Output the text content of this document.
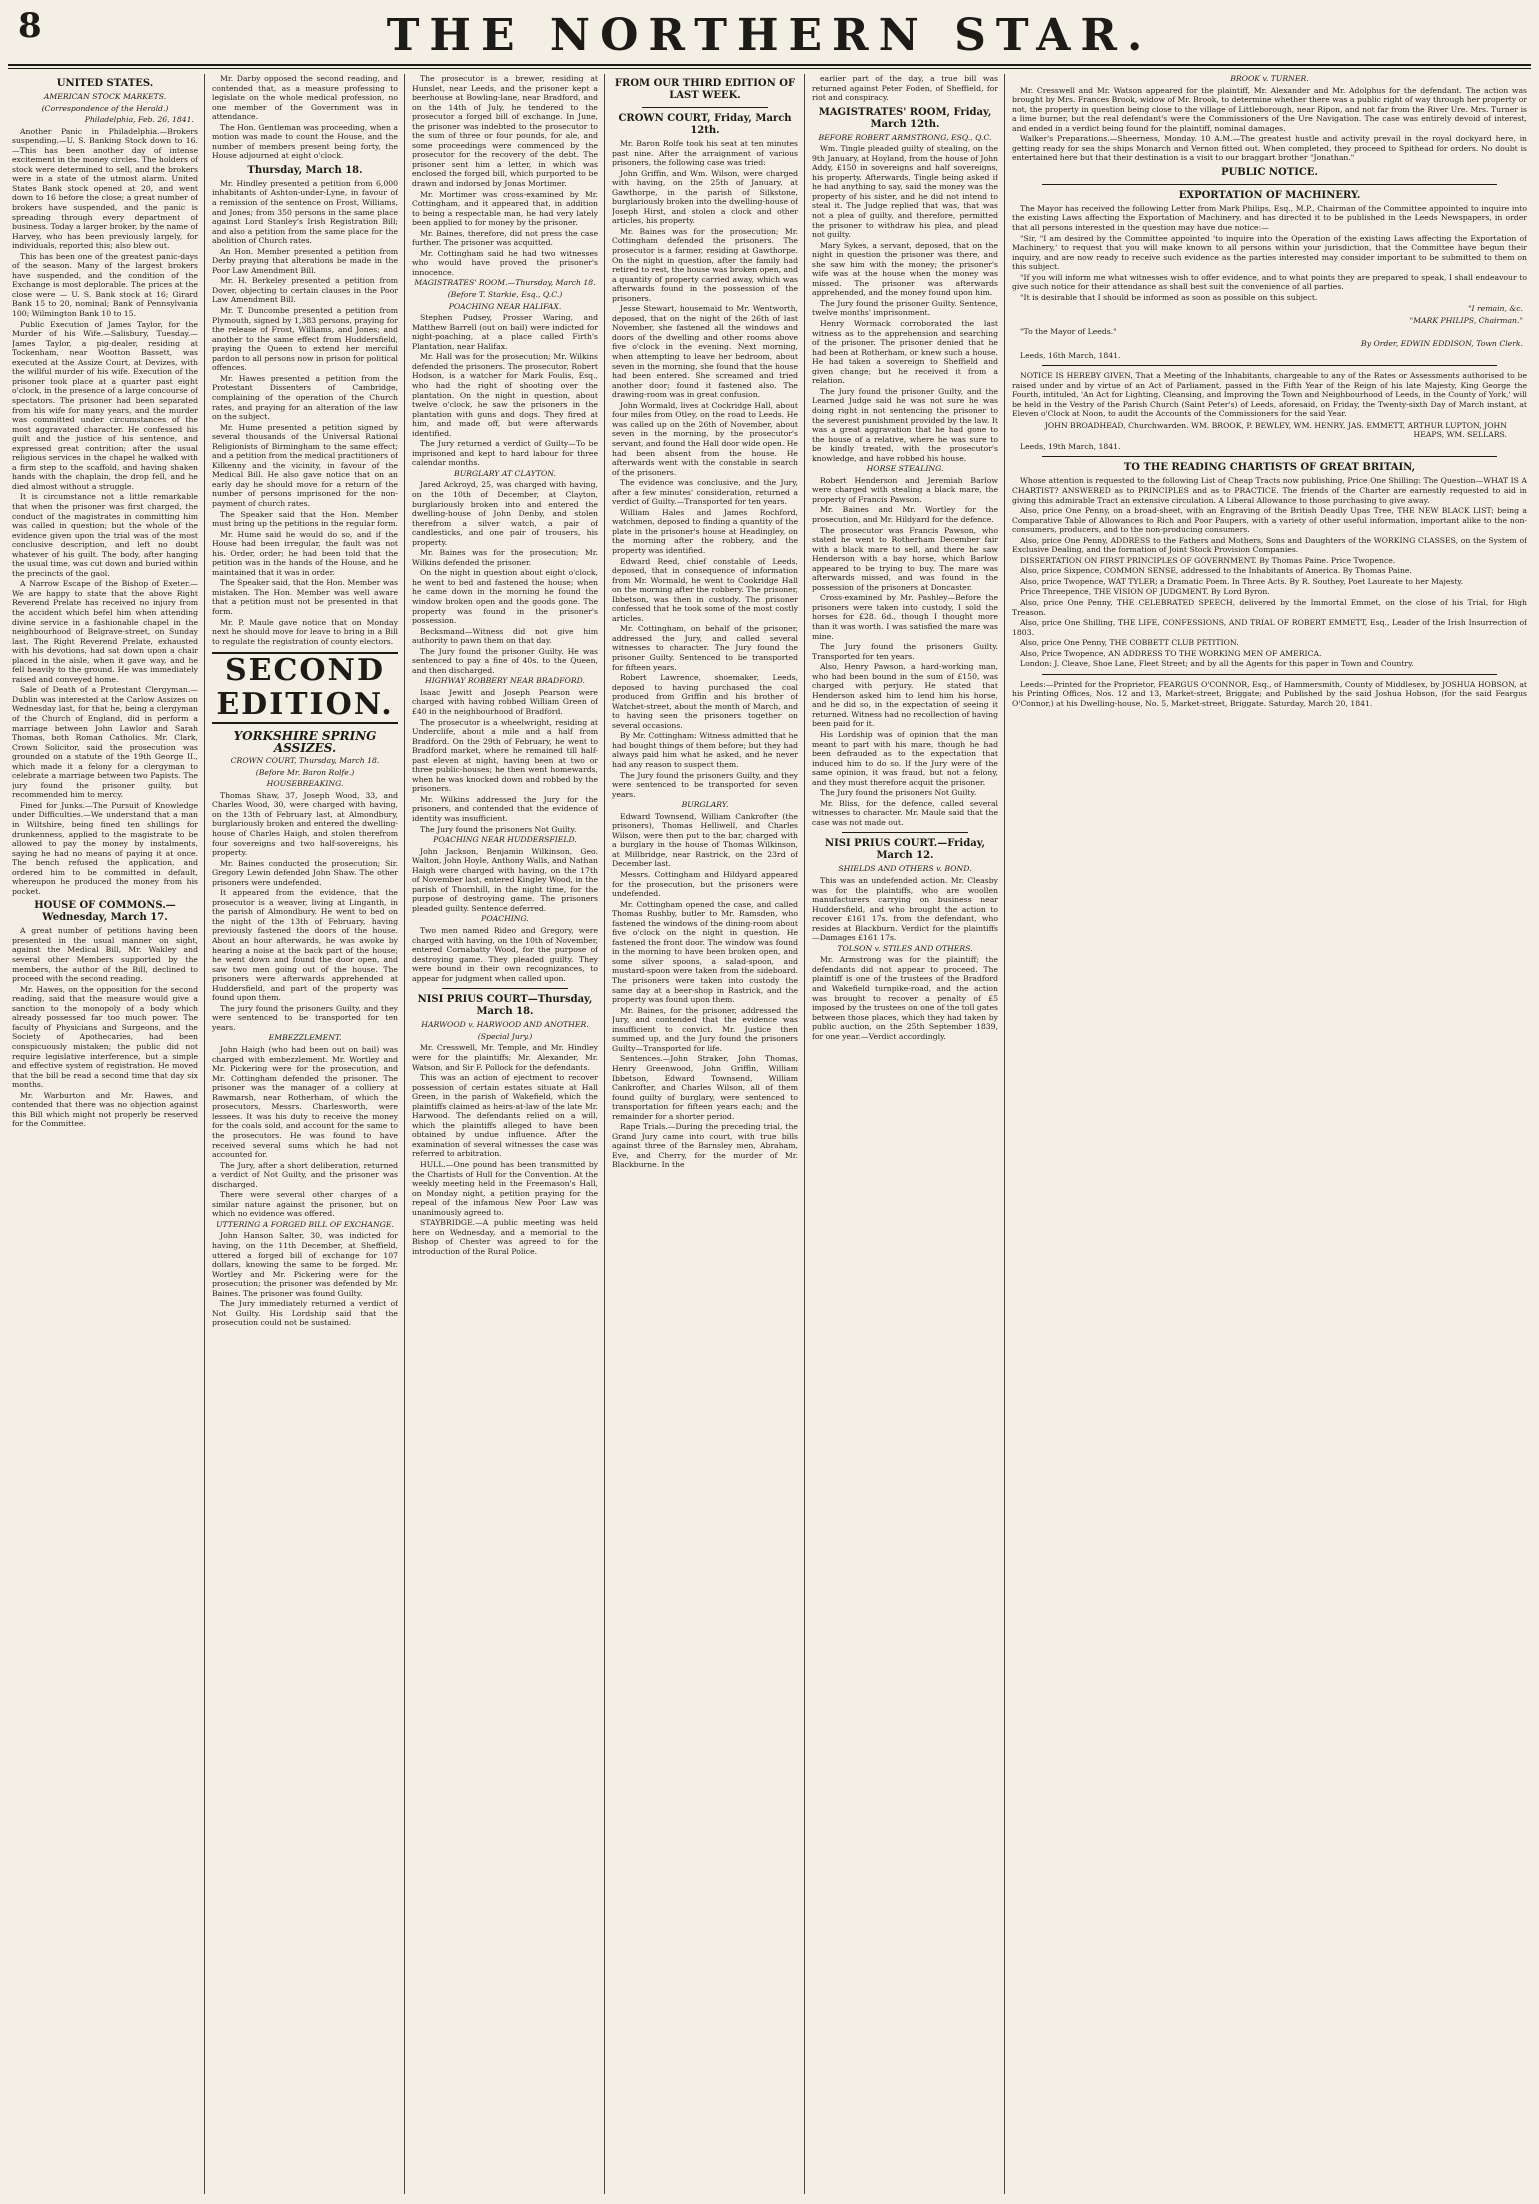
8	THE NORTHERN STAR.
UNITED STATES.
AMERICAN STOCK MARKETS.
(Correspondence of the Herald.)
Philadelphia, Feb. 26, 1841.
Another Panic in Philadelphia.—Brokers suspending.—U. S. Banking Stock down to 16.—This has been another day of intense excitement in the money circles. The holders of stock were determined to sell, and the brokers were in a state of the utmost alarm. United States Bank stock opened at 20, and went down to 16 before the close; a great number of brokers have suspended, and the panic is spreading through every department of business. Today a larger broker, by the name of Harvey, who has been previously largely, for individuals, reported this; also blew out.
This has been one of the greatest panic-days of the season. Many of the largest brokers have suspended, and the condition of the Exchange is most deplorable. The prices at the close were — U. S. Bank stock at 16; Girard Bank 15 to 20, nominal; Bank of Pennsylvania 100; Wilmington Bank 10 to 15.
Public Execution of James Taylor, for the Murder of his Wife.—Salisbury, Tuesday.—James Taylor, a pig-dealer, residing at Tockenham, near Wootton Bassett, was executed at the Assize Court, at Devizes, with the willful murder of his wife. Execution of the prisoner took place at a quarter past eight o'clock, in the presence of a large concourse of spectators. The prisoner had been separated from his wife for many years, and the murder was committed under circumstances of the most aggravated character. He confessed his guilt and the justice of his sentence, and expressed great contrition; after the usual religious services in the chapel he walked with a firm step to the scaffold, and having shaken hands with the chaplain, the drop fell, and he died almost without a struggle.
It is circumstance not a little remarkable that when the prisoner was first charged, the conduct of the magistrates in committing him was called in question; but the whole of the evidence given upon the trial was of the most conclusive description, and left no doubt whatever of his guilt. The body, after hanging the usual time, was cut down and buried within the precincts of the gaol.
A Narrow Escape of the Bishop of Exeter.—We are happy to state that the above Right Reverend Prelate has received no injury from the accident which befel him when attending divine service in a fashionable chapel in the neighbourhood of Belgrave-street, on Sunday last. The Right Reverend Prelate, exhausted with his devotions, had sat down upon a chair placed in the aisle, when it gave way, and he fell heavily to the ground. He was immediately raised and conveyed home.
Sale of Death of a Protestant Clergyman.—Dublin was interested at the Carlow Assizes on Wednesday last, for that he, being a clergyman of the Church of England, did in perform a marriage between John Lawlor and Sarah Thomas, both Roman Catholics. Mr. Clark, Crown Solicitor, said the prosecution was grounded on a statute of the 19th George II., which made it a felony for a clergyman to celebrate a marriage between two Papists. The jury found the prisoner guilty, but recommended him to mercy.
Fined for Junks.—The Pursuit of Knowledge under Difficulties.—We understand that a man in Wiltshire, being fined ten shillings for drunkenness, applied to the magistrate to be allowed to pay the money by instalments, saying he had no means of paying it at once. The bench refused the application, and ordered him to be committed in default, whereupon he produced the money from his pocket.
HOUSE OF COMMONS.—Wednesday, March 17.
A great number of petitions having been presented in the usual manner on sight, against the Medical Bill, Mr. Wakley and several other Members supported by the members, the author of the Bill, declined to proceed with the second reading.
Mr. Hawes, on the opposition for the second reading, said that the measure would give a sanction to the monopoly of a body which already possessed far too much power. The faculty of Physicians and Surgeons, and the Society of Apothecaries, had been conspicuously mistaken; the public did not require legislative interference, but a simple and effective system of registration. He moved that the bill be read a second time that day six months.
Mr. Warburton and Mr. Hawes, and contended that there was no objection against this Bill which might not properly be reserved for the Committee.
Mr. Darby opposed the second reading, and contended that, as a measure professing to legislate on the whole medical profession, no one member of the Government was in attendance.
The Hon. Gentleman was proceeding, when a motion was made to count the House, and the number of members present being forty, the House adjourned at eight o'clock.
Thursday, March 18.
Mr. Hindley presented a petition from 6,000 inhabitants of Ashton-under-Lyne, in favour of a remission of the sentence on Frost, Williams, and Jones; from 350 persons in the same place against Lord Stanley's Irish Registration Bill; and also a petition from the same place for the abolition of Church rates.
An Hon. Member presented a petition from Derby praying that alterations be made in the Poor Law Amendment Bill.
Mr. H. Berkeley presented a petition from Dover, objecting to certain clauses in the Poor Law Amendment Bill.
Mr. T. Duncombe presented a petition from Plymouth, signed by 1,383 persons, praying for the release of Frost, Williams, and Jones; and another to the same effect from Huddersfield, praying the Queen to extend her merciful pardon to all persons now in prison for political offences.
Mr. Hawes presented a petition from the Protestant Dissenters of Cambridge, complaining of the operation of the Church rates, and praying for an alteration of the law on the subject.
Mr. Hume presented a petition signed by several thousands of the Universal Rational Religionists of Birmingham to the same effect; and a petition from the medical practitioners of Kilkenny and the vicinity, in favour of the Medical Bill. He also gave notice that on an early day he should move for a return of the number of persons imprisoned for the non-payment of church rates.
The Speaker said that the Hon. Member must bring up the petitions in the regular form.
Mr. Hume said he would do so, and if the House had been irregular, the fault was not his. Order, order; he had been told that the petition was in the hands of the House, and he maintained that it was in order.
The Speaker said, that the Hon. Member was mistaken. The Hon. Member was well aware that a petition must not be presented in that form.
Mr. P. Maule gave notice that on Monday next he should move for leave to bring in a Bill to regulate the registration of county electors.
SECOND EDITION.
YORKSHIRE SPRING ASSIZES.
CROWN COURT, Thursday, March 18.
(Before Mr. Baron Rolfe.)
HOUSEBREAKING.
Thomas Shaw, 37, Joseph Wood, 33, and Charles Wood, 30, were charged with having, on the 13th of February last, at Almondbury, burglariously broken and entered the dwelling-house of Charles Haigh, and stolen therefrom four sovereigns and two half-sovereigns, his property.
Mr. Baines conducted the prosecution; Sir. Gregory Lewin defended John Shaw. The other prisoners were undefended.
It appeared from the evidence, that the prosecutor is a weaver, living at Linganth, in the parish of Almondbury. He went to bed on the night of the 13th of February, having previously fastened the doors of the house. About an hour afterwards, he was awoke by hearing a noise at the back part of the house; he went down and found the door open, and saw two men going out of the house. The prisoners were afterwards apprehended at Huddersfield, and part of the property was found upon them.
The jury found the prisoners Guilty, and they were sentenced to be transported for ten years.
EMBEZZLEMENT.
John Haigh (who had been out on bail) was charged with embezzlement. Mr. Wortley and Mr. Pickering were for the prosecution, and Mr. Cottingham defended the prisoner. The prisoner was the manager of a colliery at Rawmarsh, near Rotherham, of which the prosecutors, Messrs. Charlesworth, were lessees. It was his duty to receive the money for the coals sold, and account for the same to the prosecutors. He was found to have received several sums which he had not accounted for.
The Jury, after a short deliberation, returned a verdict of Not Guilty, and the prisoner was discharged.
There were several other charges of a similar nature against the prisoner, but on which no evidence was offered.
UTTERING A FORGED BILL OF EXCHANGE.
John Hanson Salter, 30, was indicted for having, on the 11th December, at Sheffield, uttered a forged bill of exchange for 107 dollars, knowing the same to be forged. Mr. Wortley and Mr. Pickering were for the prosecution; the prisoner was defended by Mr. Baines. The prisoner was found Guilty.
The Jury immediately returned a verdict of Not Guilty. His Lordship said that the prosecution could not be sustained.
The prosecutor is a brewer, residing at Hunslet, near Leeds, and the prisoner kept a beerhouse at Bowling-lane, near Bradford, and on the 14th of July, he tendered to the prosecutor a forged bill of exchange. In June, the prisoner was indebted to the prosecutor to the sum of three or four pounds, for ale, and some proceedings were commenced by the prosecutor for the recovery of the debt. The prisoner sent him a letter, in which was enclosed the forged bill, which purported to be drawn and indorsed by Jonas Mortimer.
Mr. Mortimer was cross-examined by Mr. Cottingham, and it appeared that, in addition to being a respectable man, he had very lately been applied to for money by the prisoner.
Mr. Baines, therefore, did not press the case further. The prisoner was acquitted.
Mr. Cottingham said he had two witnesses who would have proved the prisoner's innocence.
MAGISTRATES' ROOM.—Thursday, March 18.
(Before T. Starkie, Esq., Q.C.)
POACHING NEAR HALIFAX.
Stephen Pudsey, Prosser Waring, and Matthew Barrell (out on bail) were indicted for night-poaching, at a place called Firth's Plantation, near Halifax.
Mr. Hall was for the prosecution; Mr. Wilkins defended the prisoners. The prosecutor, Robert Hodson, is a watcher for Mark Foulis, Esq., who had the right of shooting over the plantation. On the night in question, about twelve o'clock, he saw the prisoners in the plantation with guns and dogs. They fired at him, and made off, but were afterwards identified.
The Jury returned a verdict of Guilty—To be imprisoned and kept to hard labour for three calendar months.
BURGLARY AT CLAYTON.
Jared Ackroyd, 25, was charged with having, on the 10th of December, at Clayton, burglariously broken into and entered the dwelling-house of John Denby, and stolen therefrom a silver watch, a pair of candlesticks, and one pair of trousers, his property.
Mr. Baines was for the prosecution; Mr. Wilkins defended the prisoner.
On the night in question about eight o'clock, he went to bed and fastened the house; when he came down in the morning he found the window broken open and the goods gone. The property was found in the prisoner's possession.
Becksmand—Witness did not give him authority to pawn them on that day.
The Jury found the prisoner Guilty. He was sentenced to pay a fine of 40s. to the Queen, and then discharged.
HIGHWAY ROBBERY NEAR BRADFORD.
Isaac Jewitt and Joseph Pearson were charged with having robbed William Green of £40 in the neighbourhood of Bradford.
The prosecutor is a wheelwright, residing at Underclife, about a mile and a half from Bradford. On the 29th of February, he went to Bradford market, where he remained till half-past eleven at night, having been at two or three public-houses; he then went homewards, when he was knocked down and robbed by the prisoners.
Mr. Wilkins addressed the Jury for the prisoners, and contended that the evidence of identity was insufficient.
The Jury found the prisoners Not Guilty.
POACHING NEAR HUDDERSFIELD.
John Jackson, Benjamin Wilkinson, Geo. Walton, John Hoyle, Anthony Walls, and Nathan Haigh were charged with having, on the 17th of November last, entered Kingley Wood, in the parish of Thornhill, in the night time, for the purpose of destroying game. The prisoners pleaded guilty. Sentence deferred.
POACHING.
Two men named Rideo and Gregory, were charged with having, on the 10th of November, entered Cornabatty Wood, for the purpose of destroying game. They pleaded guilty. They were bound in their own recognizances, to appear for judgment when called upon.
NISI PRIUS COURT—Thursday, March 18.
HARWOOD v. HARWOOD AND ANOTHER.
(Special Jury.)
Mr. Cresswell, Mr. Temple, and Mr. Hindley were for the plaintiffs; Mr. Alexander, Mr. Watson, and Sir F. Pollock for the defendants.
This was an action of ejectment to recover possession of certain estates situate at Hall Green, in the parish of Wakefield, which the plaintiffs claimed as heirs-at-law of the late Mr. Harwood. The defendants relied on a will, which the plaintiffs alleged to have been obtained by undue influence. After the examination of several witnesses the case was referred to arbitration.
HULL.—One pound has been transmitted by the Chartists of Hull for the Convention. At the weekly meeting held in the Freemason's Hall, on Monday night, a petition praying for the repeal of the infamous New Poor Law was unanimously agreed to.
STAYBRIDGE.—A public meeting was held here on Wednesday, and a memorial to the Bishop of Chester was agreed to for the introduction of the Rural Police.
FROM OUR THIRD EDITION OF LAST WEEK.
CROWN COURT, Friday, March 12th.
Mr. Baron Rolfe took his seat at ten minutes past nine. After the arraignment of various prisoners, the following case was tried:
John Griffin, and Wm. Wilson, were charged with having, on the 25th of January, at Gawthorpe, in the parish of Silkstone, burglariously broken into the dwelling-house of Joseph Hirst, and stolen a clock and other articles, his property.
Mr. Baines was for the prosecution; Mr. Cottingham defended the prisoners. The prosecutor is a farmer, residing at Gawthorpe. On the night in question, after the family had retired to rest, the house was broken open, and a quantity of property carried away, which was afterwards found in the possession of the prisoners.
Jesse Stewart, housemaid to Mr. Wentworth, deposed, that on the night of the 26th of last November, she fastened all the windows and doors of the dwelling and other rooms above five o'clock in the evening. Next morning, when attempting to leave her bedroom, about seven in the morning, she found that the house had been entered. She screamed and tried another door; found it fastened also. The drawing-room was in great confusion.
John Wormald, lives at Cockridge Hall, about four miles from Otley, on the road to Leeds. He was called up on the 26th of November, about seven in the morning, by the prosecutor's servant, and found the Hall door wide open. He had been absent from the house. He afterwards went with the constable in search of the prisoners.
The evidence was conclusive, and the Jury, after a few minutes' consideration, returned a verdict of Guilty.—Transported for ten years.
William Hales and James Rochford, watchmen, deposed to finding a quantity of the plate in the prisoner's house at Headingley, on the morning after the robbery, and the property was identified.
Edward Reed, chief constable of Leeds, deposed, that in consequence of information from Mr. Wormald, he went to Cookridge Hall on the morning after the robbery. The prisoner, Ibbetson, was then in custody. The prisoner confessed that he took some of the most costly articles.
Mr. Cottingham, on behalf of the prisoner, addressed the Jury, and called several witnesses to character. The Jury found the prisoner Guilty. Sentenced to be transported for fifteen years.
Robert Lawrence, shoemaker, Leeds, deposed to having purchased the coal produced from Griffin and his brother of Watchet-street, about the month of March, and to having seen the prisoners together on several occasions.
By Mr. Cottingham: Witness admitted that he had bought things of them before; but they had always paid him what he asked, and he never had any reason to suspect them.
The Jury found the prisoners Guilty, and they were sentenced to be transported for seven years.
BURGLARY.
Edward Townsend, William Cankrofter (the prisoners), Thomas Helliwell, and Charles Wilson, were then put to the bar, charged with a burglary in the house of Thomas Wilkinson, at Millbridge, near Rastrick, on the 23rd of December last.
Messrs. Cottingham and Hildyard appeared for the prosecution, but the prisoners were undefended.
Mr. Cottingham opened the case, and called Thomas Rushby, butler to Mr. Ramsden, who fastened the windows of the dining-room about five o'clock on the night in question. He fastened the front door. The window was found in the morning to have been broken open, and some silver spoons, a salad-spoon, and mustard-spoon were taken from the sideboard. The prisoners were taken into custody the same day at a beer-shop in Rastrick, and the property was found upon them.
Mr. Baines, for the prisoner, addressed the Jury, and contended that the evidence was insufficient to convict. Mr. Justice then summed up, and the Jury found the prisoners Guilty—Transported for life.
Sentences.—John Straker, John Thomas, Henry Greenwood, John Griffin, William Ibbetson, Edward Townsend, William Cankrofter, and Charles Wilson, all of them found guilty of burglary, were sentenced to transportation for fifteen years each; and the remainder for a shorter period.
Rape Trials.—During the preceding trial, the Grand Jury came into court, with true bills against three of the Barnsley men, Abraham, Eve, and Cherry, for the murder of Mr. Blackburne. In the
earlier part of the day, a true bill was returned against Peter Foden, of Sheffield, for riot and conspiracy.
MAGISTRATES' ROOM, Friday, March 12th.
BEFORE ROBERT ARMSTRONG, ESQ., Q.C.
Wm. Tingle pleaded guilty of stealing, on the 9th January, at Hoyland, from the house of John Addy, £150 in sovereigns and half sovereigns, his property. Afterwards, Tingle being asked if he had anything to say, said the money was the property of his sister, and he did not intend to steal it. The Judge replied that was, that was not a plea of guilty, and therefore, permitted the prisoner to withdraw his plea, and plead not guilty.
Mary Sykes, a servant, deposed, that on the night in question the prisoner was there, and she saw him with the money; the prisoner's wife was at the house when the money was missed. The prisoner was afterwards apprehended, and the money found upon him.
The Jury found the prisoner Guilty. Sentence, twelve months' imprisonment.
Henry Wormack corroborated the last witness as to the apprehension and searching of the prisoner. The prisoner denied that he had been at Rotherham, or knew such a house. He had taken a sovereign to Sheffield and given change; but he received it from a relation.
The Jury found the prisoner Guilty, and the Learned Judge said he was not sure he was doing right in not sentencing the prisoner to the severest punishment provided by the law. It was a great aggravation that he had gone to the house of a relative, where he was sure to be kindly treated, with the prosecutor's knowledge, and have robbed his house.
HORSE STEALING.
Robert Henderson and Jeremiah Barlow were charged with stealing a black mare, the property of Francis Pawson.
Mr. Baines and Mr. Wortley for the prosecution, and Mr. Hildyard for the defence.
The prosecutor was Francis Pawson, who stated he went to Rotherham December fair with a black mare to sell, and there he saw Henderson with a bay horse, which Barlow appeared to be trying to buy. The mare was afterwards missed, and was found in the possession of the prisoners at Doncaster.
Cross-examined by Mr. Pashley—Before the prisoners were taken into custody, I sold the horses for £28. 6d., though I thought more than it was worth. I was satisfied the mare was mine.
The Jury found the prisoners Guilty. Transported for ten years.
Also, Henry Pawson, a hard-working man, who had been bound in the sum of £150, was charged with perjury. He stated that Henderson asked him to lend him his horse, and he did so, in the expectation of seeing it returned. Witness had no recollection of having been paid for it.
His Lordship was of opinion that the man meant to part with his mare, though he had been defrauded as to the expectation that induced him to do so. If the Jury were of the same opinion, it was fraud, but not a felony, and they must therefore acquit the prisoner.
The Jury found the prisoners Not Guilty.
Mr. Bliss, for the defence, called several witnesses to character. Mr. Maule said that the case was not made out.
NISI PRIUS COURT.—Friday, March 12.
SHIELDS AND OTHERS v. BOND.
This was an undefended action. Mr. Cleasby was for the plaintiffs, who are woollen manufacturers carrying on business near Huddersfield, and who brought the action to recover £161 17s. from the defendant, who resides at Blackburn. Verdict for the plaintiffs—Damages £161 17s.
TOLSON v. STILES AND OTHERS.
Mr. Armstrong was for the plaintiff; the defendants did not appear to proceed. The plaintiff is one of the trustees of the Bradford and Wakefield turnpike-road, and the action was brought to recover a penalty of £5 imposed by the trustees on one of the toll gates between those places, which they had taken by public auction, on the 25th September 1839, for one year.—Verdict accordingly.
BROOK v. TURNER.
Mr. Cresswell and Mr. Watson appeared for the plaintiff, Mr. Alexander and Mr. Adolphus for the defendant. The action was brought by Mrs. Frances Brook, widow of Mr. Brook, to determine whether there was a public right of way through her property or not, the property in question being close to the village of Littleborough, near Ripon, and not far from the River Ure. Mrs. Turner is a lime burner, but the real defendant's were the Commissioners of the Ure Navigation. The case was entirely devoid of interest, and ended in a verdict being found for the plaintiff, nominal damages.
Walker's Preparations.—Sheerness, Monday. 10 A.M.—The greatest hustle and activity prevail in the royal dockyard here, in getting ready for sea the ships Monarch and Vernon fitted out. When completed, they proceed to Spithead for orders. No doubt is entertained here but that their destination is a visit to our braggart brother "Jonathan."
PUBLIC NOTICE.
EXPORTATION OF MACHINERY.
The Mayor has received the following Letter from Mark Philips, Esq., M.P., Chairman of the Committee appointed to inquire into the existing Laws affecting the Exportation of Machinery, and has directed it to be published in the Leeds Newspapers, in order that all persons interested in the question may have due notice:—
"Sir, "I am desired by the Committee appointed 'to inquire into the Operation of the existing Laws affecting the Exportation of Machinery,' to request that you will make known to all persons within your jurisdiction, that the Committee have begun their inquiry, and are now ready to receive such evidence as the parties interested may consider important to be submitted to them on this subject.
"If you will inform me what witnesses wish to offer evidence, and to what points they are prepared to speak, I shall endeavour to give such notice for their attendance as shall best suit the convenience of all parties.
"It is desirable that I should be informed as soon as possible on this subject.
"I remain, &c.
"MARK PHILIPS, Chairman."
"To the Mayor of Leeds."
By Order, EDWIN EDDISON, Town Clerk.
Leeds, 16th March, 1841.
NOTICE IS HEREBY GIVEN, That a Meeting of the Inhabitants, chargeable to any of the Rates or Assessments authorised to be raised under and by virtue of an Act of Parliament, passed in the Fifth Year of the Reign of his late Majesty, King George the Fourth, intituled, 'An Act for Lighting, Cleansing, and Improving the Town and Neighbourhood of Leeds, in the County of York,' will be held in the Vestry of the Parish Church (Saint Peter's) of Leeds, aforesaid, on Friday, the Twenty-sixth Day of March instant, at Eleven o'Clock at Noon, to audit the Accounts of the Commissioners for the said Year.
JOHN BROADHEAD, Churchwarden. WM. BROOK, P. BEWLEY, WM. HENRY, JAS. EMMETT, ARTHUR LUPTON, JOHN HEAPS, WM. SELLARS.
Leeds, 19th March, 1841.
TO THE READING CHARTISTS OF GREAT BRITAIN,
Whose attention is requested to the following List of Cheap Tracts now publishing, Price One Shilling: The Question—WHAT IS A CHARTIST? ANSWERED as to PRINCIPLES and as to PRACTICE. The friends of the Charter are earnestly requested to aid in giving this admirable Tract an extensive circulation. A Liberal Allowance to those purchasing to give away.
Also, price One Penny, on a broad-sheet, with an Engraving of the British Deadly Upas Tree, THE NEW BLACK LIST; being a Comparative Table of Allowances to Rich and Poor Paupers, with a variety of other useful information, important alike to the non-consumers, producers, and to the non-producing consumers.
Also, price One Penny, ADDRESS to the Fathers and Mothers, Sons and Daughters of the WORKING CLASSES, on the System of Exclusive Dealing, and the formation of Joint Stock Provision Companies.
DISSERTATION ON FIRST PRINCIPLES OF GOVERNMENT. By Thomas Paine. Price Twopence.
Also, price Sixpence, COMMON SENSE, addressed to the Inhabitants of America. By Thomas Paine.
Also, price Twopence, WAT TYLER; a Dramatic Poem. In Three Acts. By R. Southey, Poet Laureate to her Majesty.
Price Threepence, THE VISION OF JUDGMENT. By Lord Byron.
Also, price One Penny, THE CELEBRATED SPEECH, delivered by the Immortal Emmet, on the close of his Trial, for High Treason.
Also, price One Shilling, THE LIFE, CONFESSIONS, AND TRIAL OF ROBERT EMMETT, Esq., Leader of the Irish Insurrection of 1803.
Also, price One Penny, THE COBBETT CLUB PETITION.
Also, Price Twopence, AN ADDRESS TO THE WORKING MEN OF AMERICA.
London: J. Cleave, Shoe Lane, Fleet Street; and by all the Agents for this paper in Town and Country.
Leeds:—Printed for the Proprietor, FEARGUS O'CONNOR, Esq., of Hammersmith, County of Middlesex, by JOSHUA HOBSON, at his Printing Offices, Nos. 12 and 13, Market-street, Briggate; and Published by the said Joshua Hobson, (for the said Feargus O'Connor,) at his Dwelling-house, No. 5, Market-street, Briggate. Saturday, March 20, 1841.
